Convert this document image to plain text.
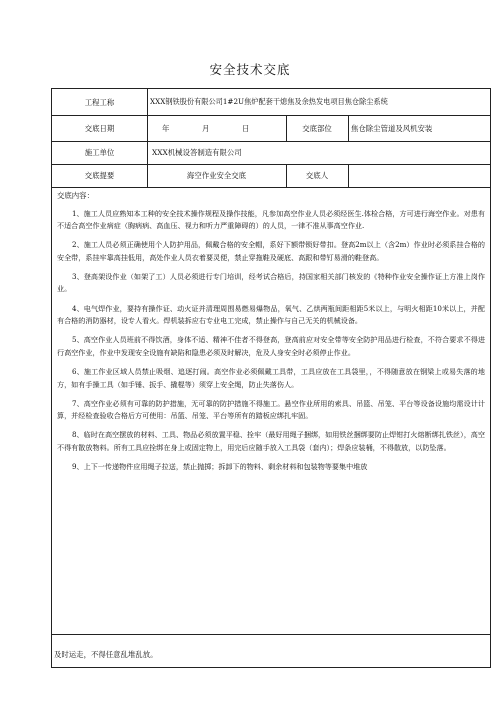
安全技术交底
工程工称	XXX钢铁股份有限公司1#2U焦炉配套干熄焦及余热发电项目焦仓除尘系统
交底日期	年	月	日	交底部位	焦仓除尘管道及风机安装
施工单位	XXX机械设答制造有限公司
交底提要	海空作业安全交底	交底人
交底内容：

1、施工人员应熟知本工种的安全技术操作规程及操作技能，凡参加高空作业人员必须经医生.体检合格，方可进行海空作业。对患有不适合高空作业病症（胸病病、高血压、视力和听力严重障碍的）的人员，一律不准从事高空作业.

2、施工人员必须正确使用个人防护用品，佩戴合格的安全帽，系好下额带锁好带扣。登高2m以上（含2m）作业时必须系挂合格的安全带，系挂牢靠高挂低用，高处作业人员衣着要灵便，禁止穿拖鞋及硬底、高跟和带钉易滑的鞋登高。

3、登高架设作业（如架了工）人员必须进行专门培训，经考试合格后，持国家相关部门核发的《特种作业安全操作证上方准上岗作业。

4、电气焊作业，要持有操作证、动火证并清理周围易燃易爆物品，氧气、乙烘两瓶间距相距5米以上，与明火相距10米以上，并配有合格的消防器材，设专人看火。焊机装拆应右专业电工完成，禁止操作与自己无关的机械设备。

5、高空作业人员班前不得饮酒，身体不适、精神不佳者不得登高，登高前应对安全带等安全防护用品进行检查，不符合要求不得进行高空作业，作业中发现安全设施有缺陷和隐患必须及时解决，危及人身安全时必须停止作业。

6、施工作业区域人员禁止吸烟、追逐打闹。高空作业必须佩戴工具带，工具应放在工具袋里，，不得随意放在钢梁上或易失落的地方，如有手操工具（如手锤、扳手、撬棍等）须穿上安全绳，防止失落伤人。

7、高空作业必须有可靠的防护措施，无可靠的防护措施不得施工。悬空作业所用的索具、吊篮、吊笼、平台等设备设施均需设计计算，并经检查验收合格后方可使用：吊篮、吊笼、平台等所有的踏板应绑扎牢固。

8、临时在高空摆放的材料、工具、物品必须放置平稳、拴牢（最好用绳子捆绑，如用铁丝捆绑要防止焊钳打火熔断绑扎铁丝），高空不得有散放物料。所有工具应拴绑在身上或固定物上，用完后应随手放入工具袋（套内）；焊条应装桶，不得散放，以防坠落。

9、上下一传递物件应用绳子拉送，禁止抛掷；拆卸下的物料、剩余材料和包装物等要集中堆放

及时运走，不得任意乱堆乱放。
